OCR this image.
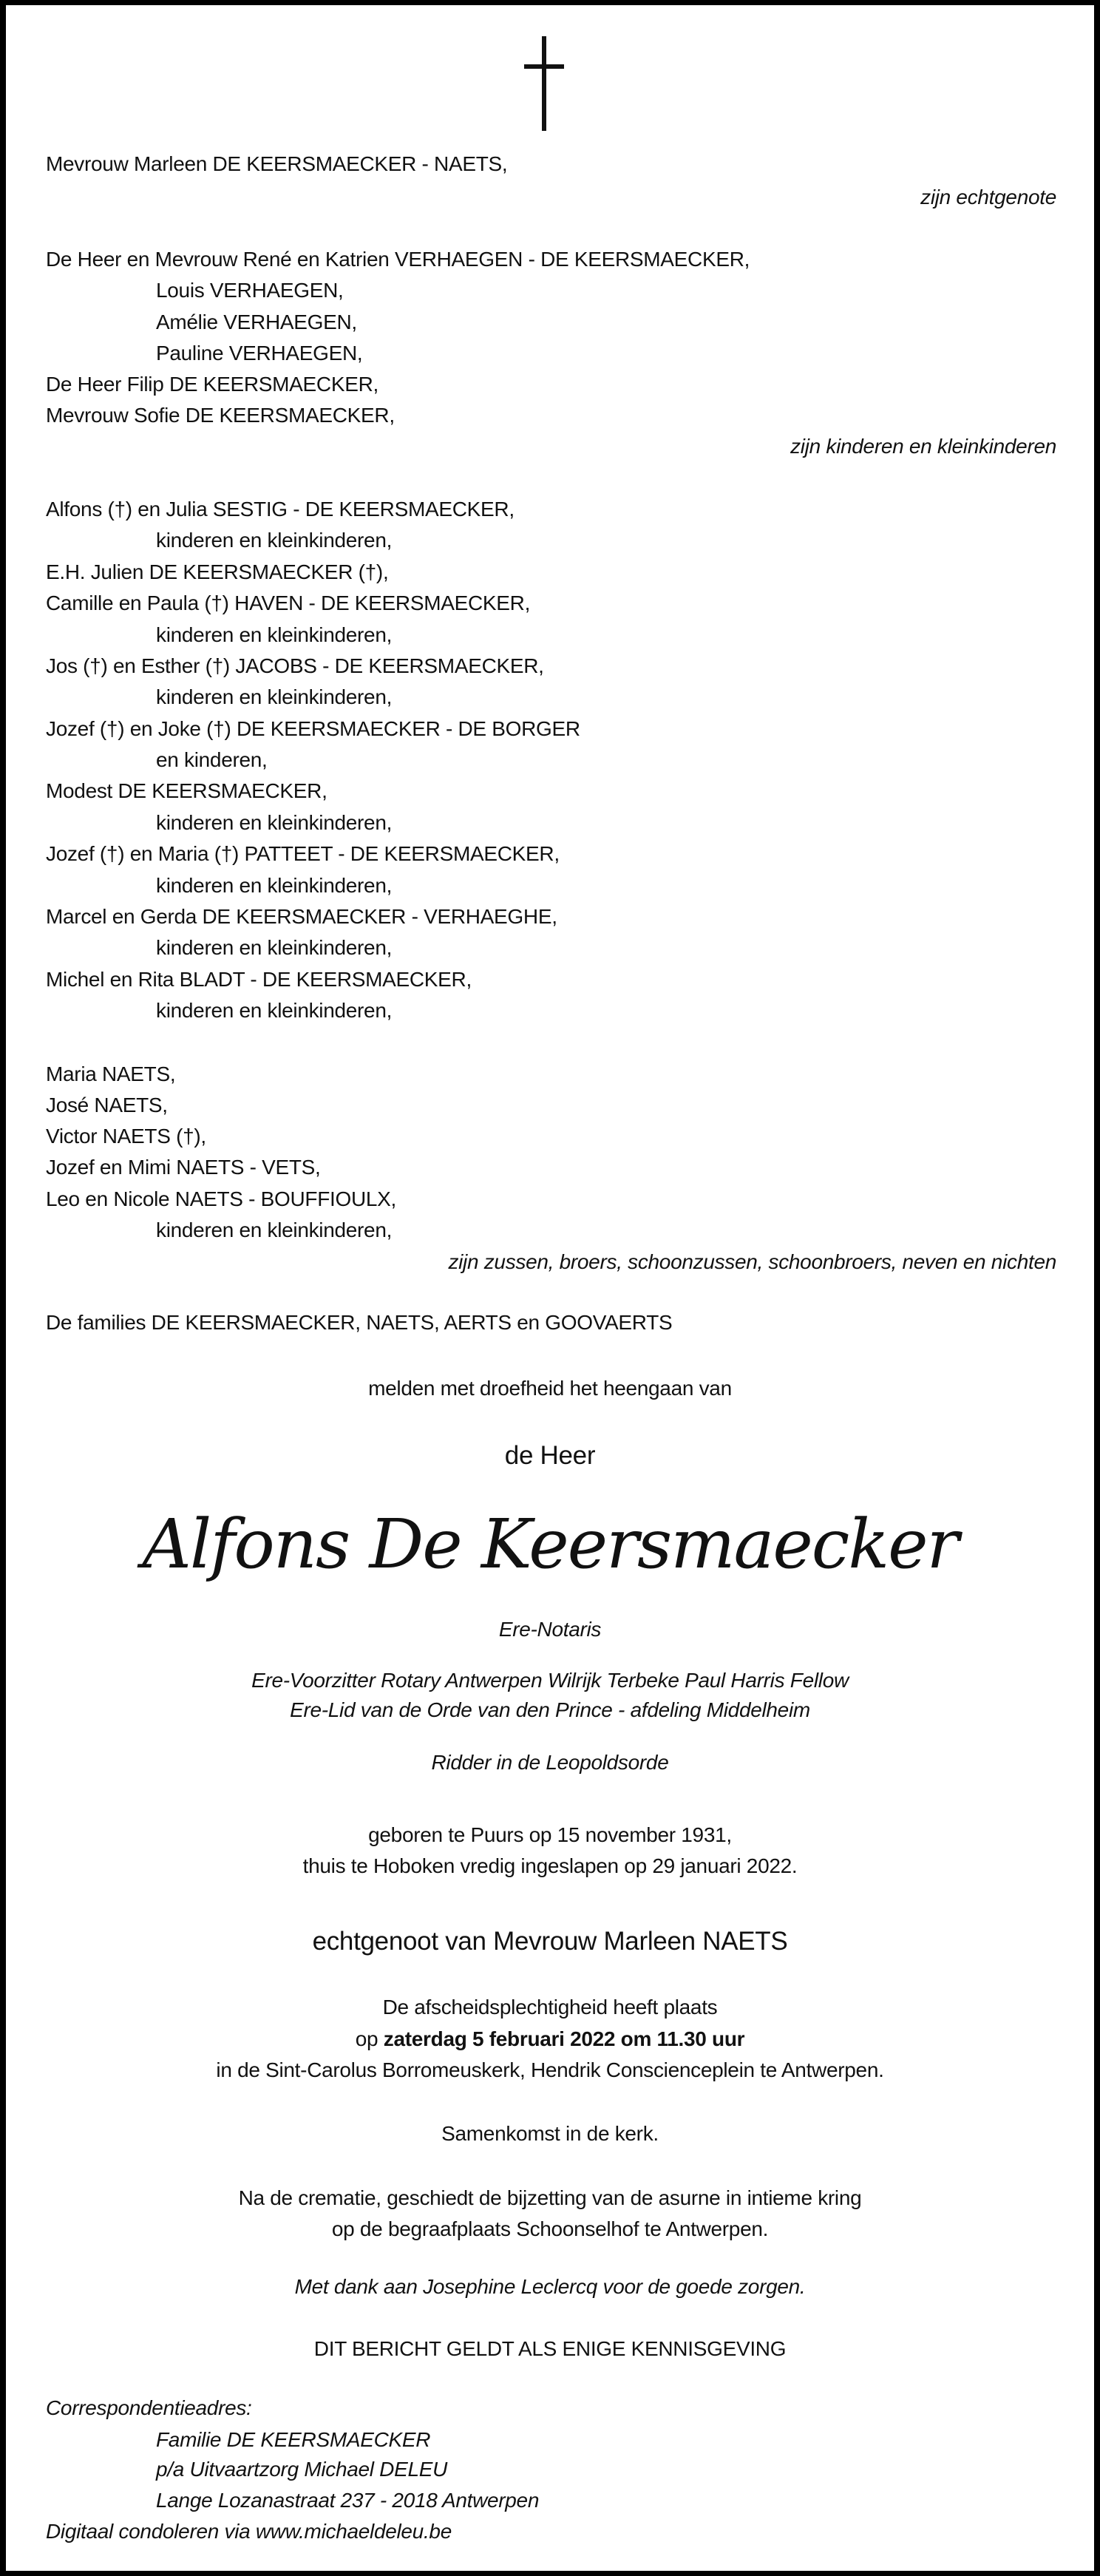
Mevrouw Marleen DE KEERSMAECKER - NAETS,
zijn echtgenote
De Heer en Mevrouw René en Katrien VERHAEGEN - DE KEERSMAECKER,
Louis VERHAEGEN,
Amélie VERHAEGEN,
Pauline VERHAEGEN,
De Heer Filip DE KEERSMAECKER,
Mevrouw Sofie DE KEERSMAECKER,
zijn kinderen en kleinkinderen
Alfons (†) en Julia SESTIG - DE KEERSMAECKER,
kinderen en kleinkinderen,
E.H. Julien DE KEERSMAECKER (†),
Camille en Paula (†) HAVEN - DE KEERSMAECKER,
kinderen en kleinkinderen,
Jos (†) en Esther (†) JACOBS - DE KEERSMAECKER,
kinderen en kleinkinderen,
Jozef (†) en Joke (†) DE KEERSMAECKER - DE BORGER
en kinderen,
Modest DE KEERSMAECKER,
kinderen en kleinkinderen,
Jozef (†) en Maria (†) PATTEET - DE KEERSMAECKER,
kinderen en kleinkinderen,
Marcel en Gerda DE KEERSMAECKER - VERHAEGHE,
kinderen en kleinkinderen,
Michel en Rita BLADT - DE KEERSMAECKER,
kinderen en kleinkinderen,
Maria NAETS,
José NAETS,
Victor NAETS (†),
Jozef en Mimi NAETS - VETS,
Leo en Nicole NAETS - BOUFFIOULX,
kinderen en kleinkinderen,
zijn zussen, broers, schoonzussen, schoonbroers, neven en nichten
De families DE KEERSMAECKER, NAETS, AERTS en GOOVAERTS
melden met droefheid het heengaan van
de Heer
Alfons De Keersmaecker
Ere-Notaris
Ere-Voorzitter Rotary Antwerpen Wilrijk Terbeke Paul Harris Fellow
Ere-Lid van de Orde van den Prince - afdeling Middelheim
Ridder in de Leopoldsorde
geboren te Puurs op 15 november 1931,
thuis te Hoboken vredig ingeslapen op 29 januari 2022.
echtgenoot van Mevrouw Marleen NAETS
De afscheidsplechtigheid heeft plaats
op zaterdag 5 februari 2022 om 11.30 uur
in de Sint-Carolus Borromeuskerk, Hendrik Conscienceplein te Antwerpen.
Samenkomst in de kerk.
Na de crematie, geschiedt de bijzetting van de asurne in intieme kring
op de begraafplaats Schoonselhof te Antwerpen.
Met dank aan Josephine Leclercq voor de goede zorgen.
DIT BERICHT GELDT ALS ENIGE KENNISGEVING
Correspondentieadres:
Familie DE KEERSMAECKER
p/a Uitvaartzorg Michael DELEU
Lange Lozanastraat 237 - 2018 Antwerpen
Digitaal condoleren via www.michaeldeleu.be
